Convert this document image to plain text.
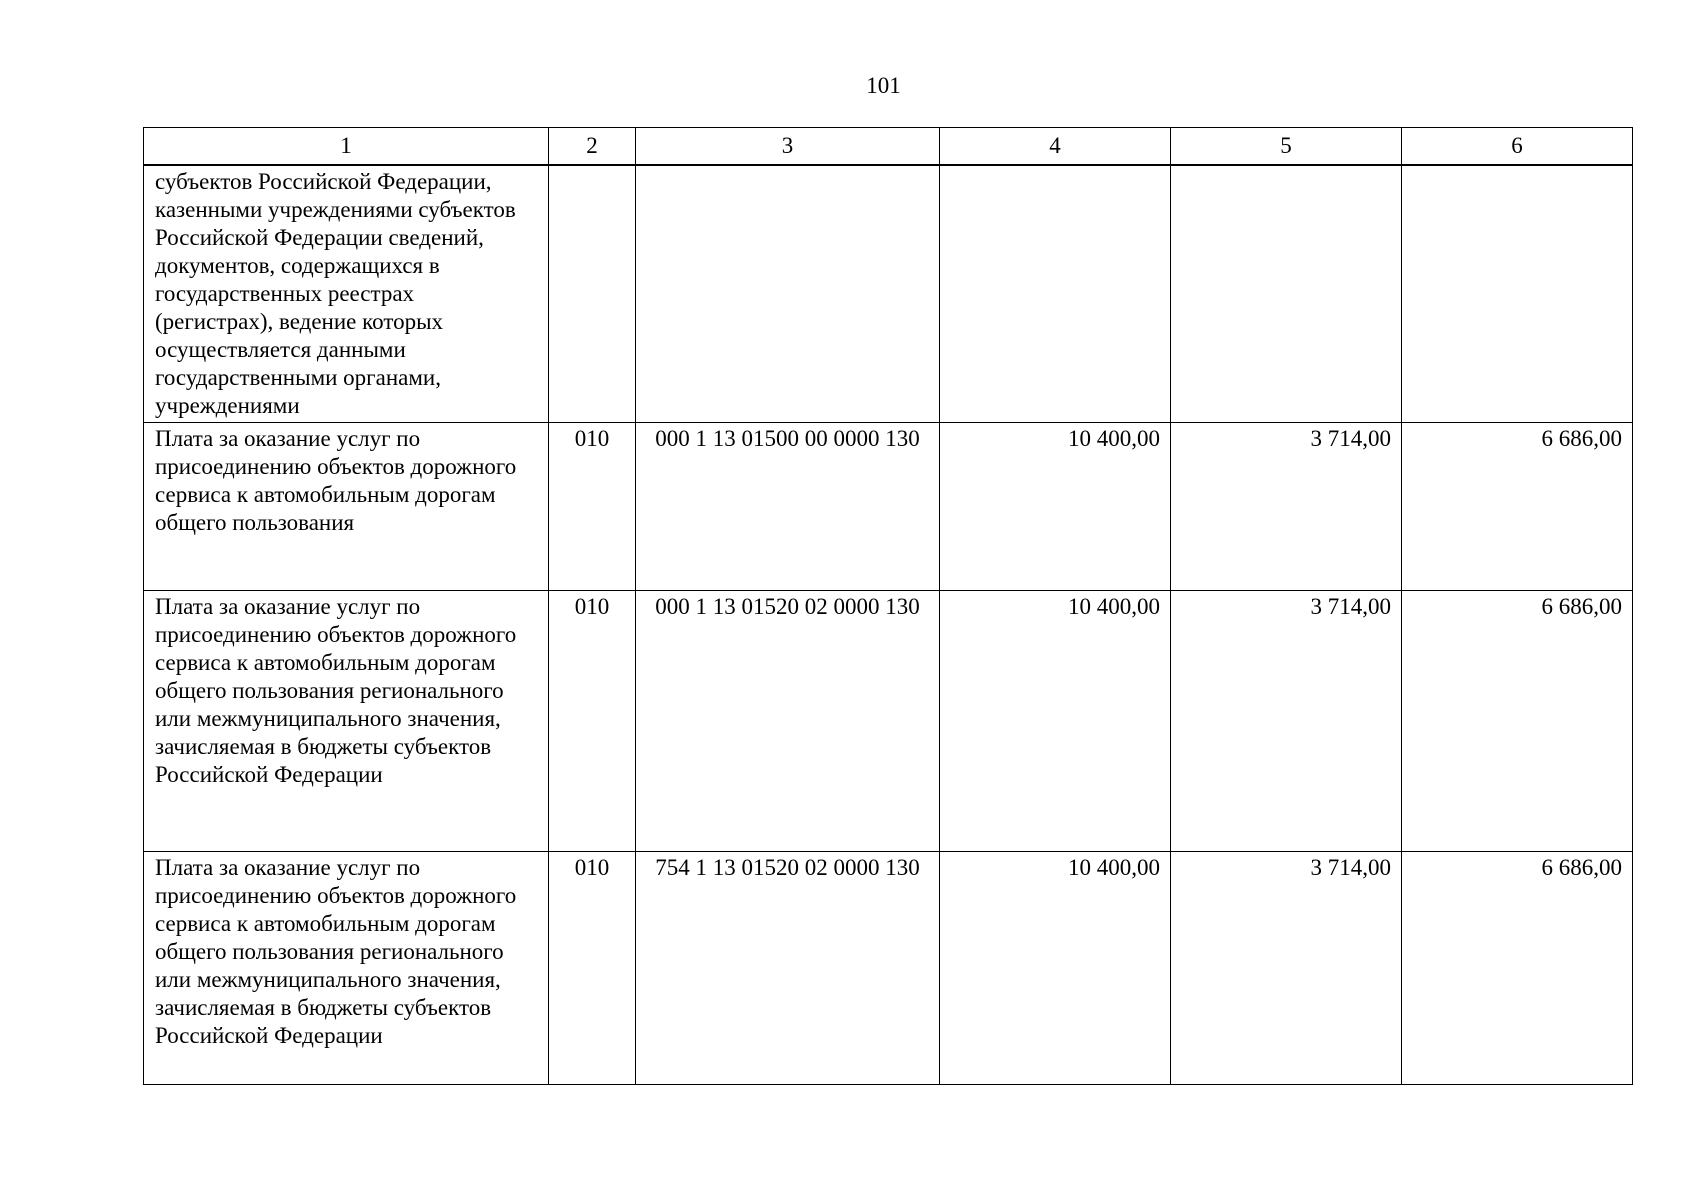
101
1	2	3	4	5	6
субъектов Российской Федерации, казенными учреждениями субъектов Российской Федерации сведений, документов, содержащихся в государственных реестрах (регистрах), ведение которых осуществляется данными государственными органами, учреждениями					
Плата за оказание услуг по присоединению объектов дорожного сервиса к автомобильным дорогам общего пользования	010	000 1 13 01500 00 0000 130	10 400,00	3 714,00	6 686,00
Плата за оказание услуг по присоединению объектов дорожного сервиса к автомобильным дорогам общего пользования регионального или межмуниципального значения, зачисляемая в бюджеты субъектов Российской Федерации	010	000 1 13 01520 02 0000 130	10 400,00	3 714,00	6 686,00
Плата за оказание услуг по присоединению объектов дорожного сервиса к автомобильным дорогам общего пользования регионального или межмуниципального значения, зачисляемая в бюджеты субъектов Российской Федерации	010	754 1 13 01520 02 0000 130	10 400,00	3 714,00	6 686,00
